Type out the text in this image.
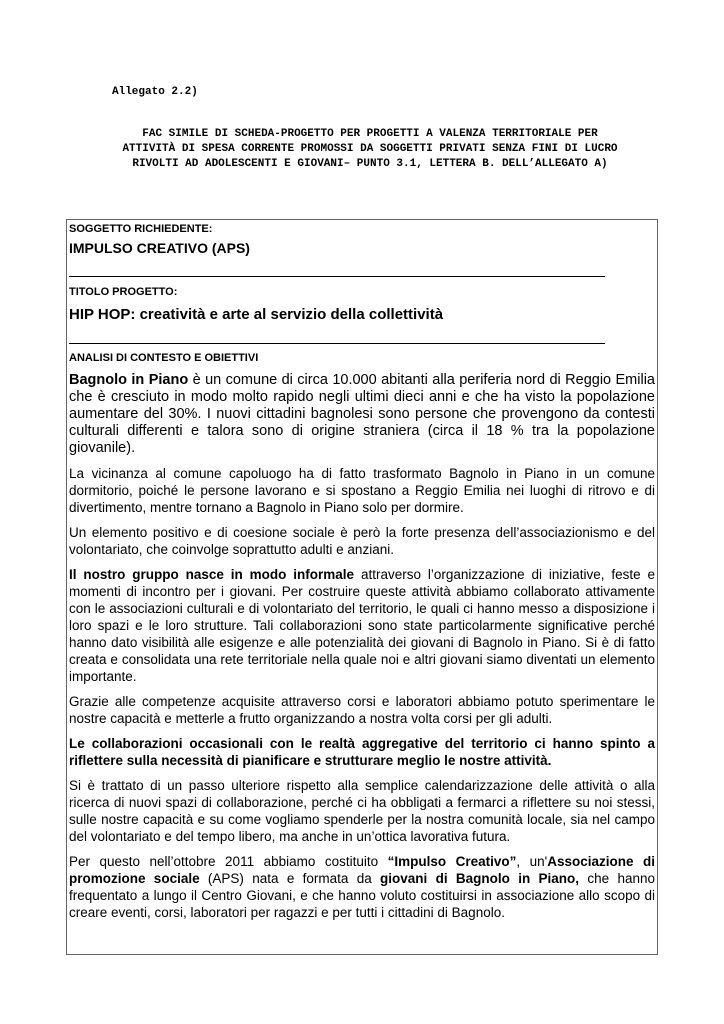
Allegato 2.2)
FAC SIMILE DI SCHEDA-PROGETTO PER PROGETTI A VALENZA TERRITORIALE PER
ATTIVITÀ DI SPESA CORRENTE PROMOSSI DA SOGGETTI PRIVATI SENZA FINI DI LUCRO
RIVOLTI AD ADOLESCENTI E GIOVANI– PUNTO 3.1, LETTERA B. DELL’ALLEGATO A)
SOGGETTO RICHIEDENTE:
IMPULSO CREATIVO (APS)
TITOLO PROGETTO:
HIP HOP: creatività e arte al servizio della collettività
ANALISI DI CONTESTO E OBIETTIVI

Bagnolo in Piano è un comune di circa 10.000 abitanti alla periferia nord di Reggio Emilia che è cresciuto in modo molto rapido negli ultimi dieci anni e che ha visto la popolazione aumentare del 30%. I nuovi cittadini bagnolesi sono persone che provengono da contesti culturali differenti e talora sono di origine straniera (circa il 18 % tra la popolazione giovanile).

La vicinanza al comune capoluogo ha di fatto trasformato Bagnolo in Piano in un comune dormitorio, poiché le persone lavorano e si spostano a Reggio Emilia nei luoghi di ritrovo e di divertimento, mentre tornano a Bagnolo in Piano solo per dormire.

Un elemento positivo e di coesione sociale è però la forte presenza dell’associazionismo e del volontariato, che coinvolge soprattutto adulti e anziani.

Il nostro gruppo nasce in modo informale attraverso l’organizzazione di iniziative, feste e momenti di incontro per i giovani. Per costruire queste attività abbiamo collaborato attivamente con le associazioni culturali e di volontariato del territorio, le quali ci hanno messo a disposizione i loro spazi e le loro strutture. Tali collaborazioni sono state particolarmente significative perché hanno dato visibilità alle esigenze e alle potenzialità dei giovani di Bagnolo in Piano. Si è di fatto creata e consolidata una rete territoriale nella quale noi e altri giovani siamo diventati un elemento importante.

Grazie alle competenze acquisite attraverso corsi e laboratori abbiamo potuto sperimentare le nostre capacità e metterle a frutto organizzando a nostra volta corsi per gli adulti.

Le collaborazioni occasionali con le realtà aggregative del territorio ci hanno spinto a riflettere sulla necessità di pianificare e strutturare meglio le nostre attività.

Si è trattato di un passo ulteriore rispetto alla semplice calendarizzazione delle attività o alla ricerca di nuovi spazi di collaborazione, perché ci ha obbligati a fermarci a riflettere su noi stessi, sulle nostre capacità e su come vogliamo spenderle per la nostra comunità locale, sia nel campo del volontariato e del tempo libero, ma anche in un’ottica lavorativa futura.

Per questo nell’ottobre 2011 abbiamo costituito “Impulso Creativo”, un'Associazione di promozione sociale (APS) nata e formata da giovani di Bagnolo in Piano, che hanno frequentato a lungo il Centro Giovani, e che hanno voluto costituirsi in associazione allo scopo di creare eventi, corsi, laboratori per ragazzi e per tutti i cittadini di Bagnolo.
